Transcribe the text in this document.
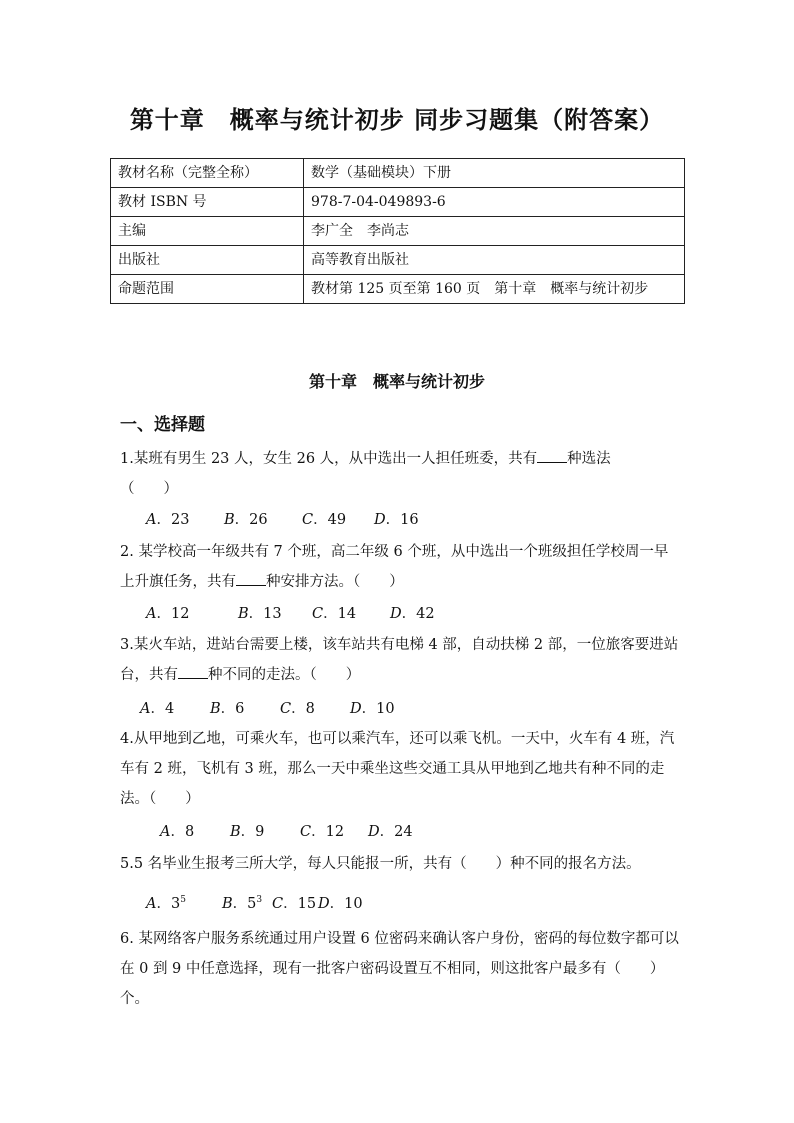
第十章　概率与统计初步 同步习题集（附答案）
教材名称（完整全称）	数学（基础模块）下册
教材 ISBN 号	978-7-04-049893-6
主编	李广全　李尚志
出版社	高等教育出版社
命题范围	教材第 125 页至第 160 页　第十章　概率与统计初步
第十章　概率与统计初步
一、选择题
1.某班有男生 23 人，女生 26 人，从中选出一人担任班委，共有 种选法
（　　）
A．23 B．26 C．49 D．16
2. 某学校高一年级共有 7 个班，高二年级 6 个班，从中选出一个班级担任学校周一早上升旗任务，共有 种安排方法。（　　）
A．12	B．13 C．14 D．42
3.某火车站，进站台需要上楼，该车站共有电梯 4 部，自动扶梯 2 部，一位旅客要进站台，共有 种不同的走法。（　　）
A．4 B．6 C．8 D．10
4.从甲地到乙地，可乘火车，也可以乘汽车，还可以乘飞机。一天中，火车有 4 班，汽车有 2 班，飞机有 3 班，那么一天中乘坐这些交通工具从甲地到乙地共有种不同的走法。（　　）
A．8 B．9 C．12 D．24
5.5 名毕业生报考三所大学，每人只能报一所，共有（　　）种不同的报名方法。
A．$3^5$ B．$5^3$ C．15 D．10
6. 某网络客户服务系统通过用户设置 6 位密码来确认客户身份，密码的每位数字都可以在 0 到 9 中任意选择，现有一批客户密码设置互不相同，则这批客户最多有（　　）个。
